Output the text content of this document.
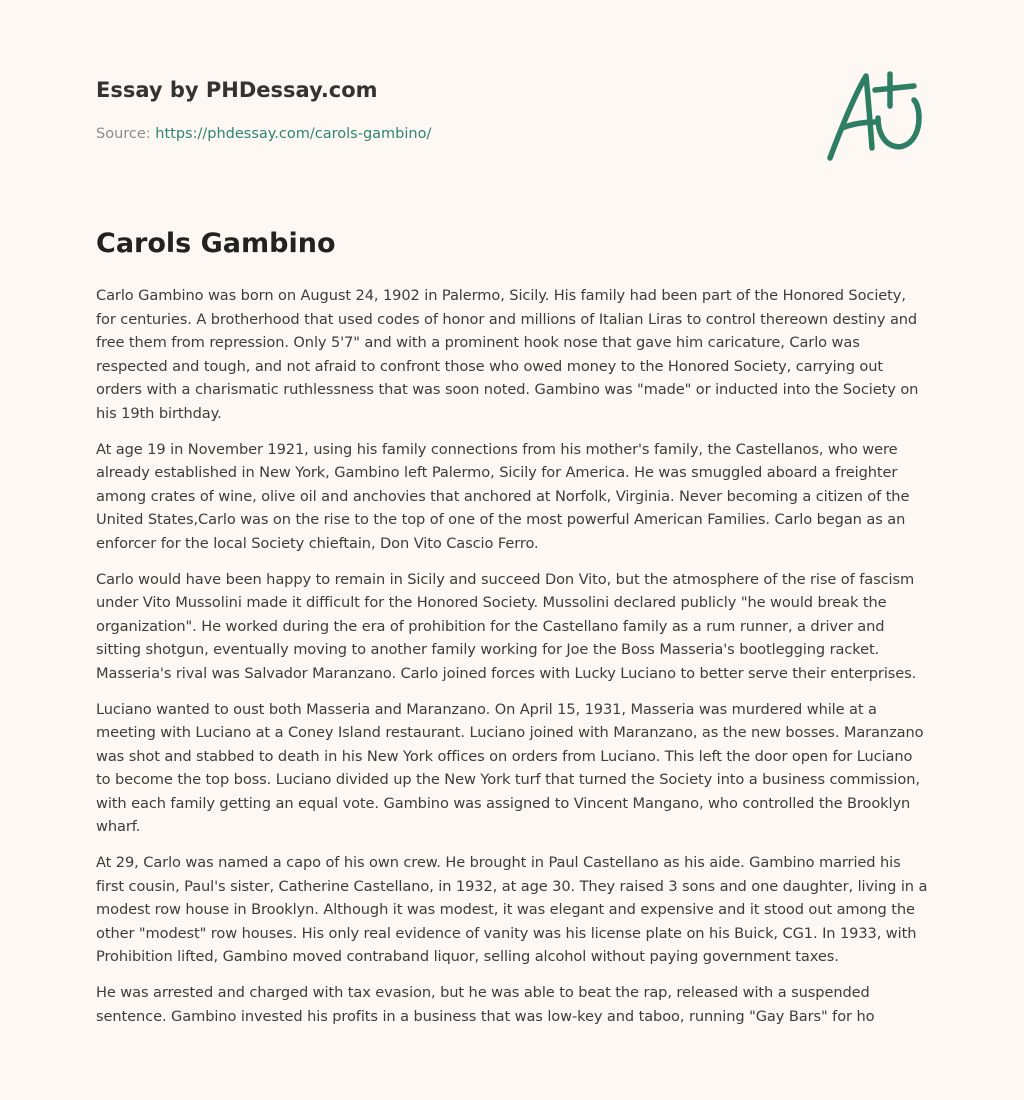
Essay by PHDessay.com
Source: https://phdessay.com/carols-gambino/
Carols Gambino

Carlo Gambino was born on August 24, 1902 in Palermo, Sicily. His family had been part of the Honored Society, for centuries. A brotherhood that used codes of honor and millions of Italian Liras to control thereown destiny and free them from repression. Only 5'7" and with a prominent hook nose that gave him caricature, Carlo was respected and tough, and not afraid to confront those who owed money to the Honored Society, carrying out orders with a charismatic ruthlessness that was soon noted. Gambino was "made" or inducted into the Society on his 19th birthday.

At age 19 in November 1921, using his family connections from his mother's family, the Castellanos, who were already established in New York, Gambino left Palermo, Sicily for America. He was smuggled aboard a freighter among crates of wine, olive oil and anchovies that anchored at Norfolk, Virginia. Never becoming a citizen of the United States,Carlo was on the rise to the top of one of the most powerful American Families. Carlo began as an enforcer for the local Society chieftain, Don Vito Cascio Ferro.

Carlo would have been happy to remain in Sicily and succeed Don Vito, but the atmosphere of the rise of fascism under Vito Mussolini made it difficult for the Honored Society. Mussolini declared publicly "he would break the organization". He worked during the era of prohibition for the Castellano family as a rum runner, a driver and sitting shotgun, eventually moving to another family working for Joe the Boss Masseria's bootlegging racket. Masseria's rival was Salvador Maranzano. Carlo joined forces with Lucky Luciano to better serve their enterprises.

Luciano wanted to oust both Masseria and Maranzano. On April 15, 1931, Masseria was murdered while at a meeting with Luciano at a Coney Island restaurant. Luciano joined with Maranzano, as the new bosses. Maranzano was shot and stabbed to death in his New York offices on orders from Luciano. This left the door open for Luciano to become the top boss. Luciano divided up the New York turf that turned the Society into a business commission, with each family getting an equal vote. Gambino was assigned to Vincent Mangano, who controlled the Brooklyn wharf.

At 29, Carlo was named a capo of his own crew. He brought in Paul Castellano as his aide. Gambino married his first cousin, Paul's sister, Catherine Castellano, in 1932, at age 30. They raised 3 sons and one daughter, living in a modest row house in Brooklyn. Although it was modest, it was elegant and expensive and it stood out among the other "modest" row houses. His only real evidence of vanity was his license plate on his Buick, CG1. In 1933, with Prohibition lifted, Gambino moved contraband liquor, selling alcohol without paying government taxes.

He was arrested and charged with tax evasion, but he was able to beat the rap, released with a suspended sentence. Gambino invested his profits in a business that was low-key and taboo, running "Gay Bars" for ho
